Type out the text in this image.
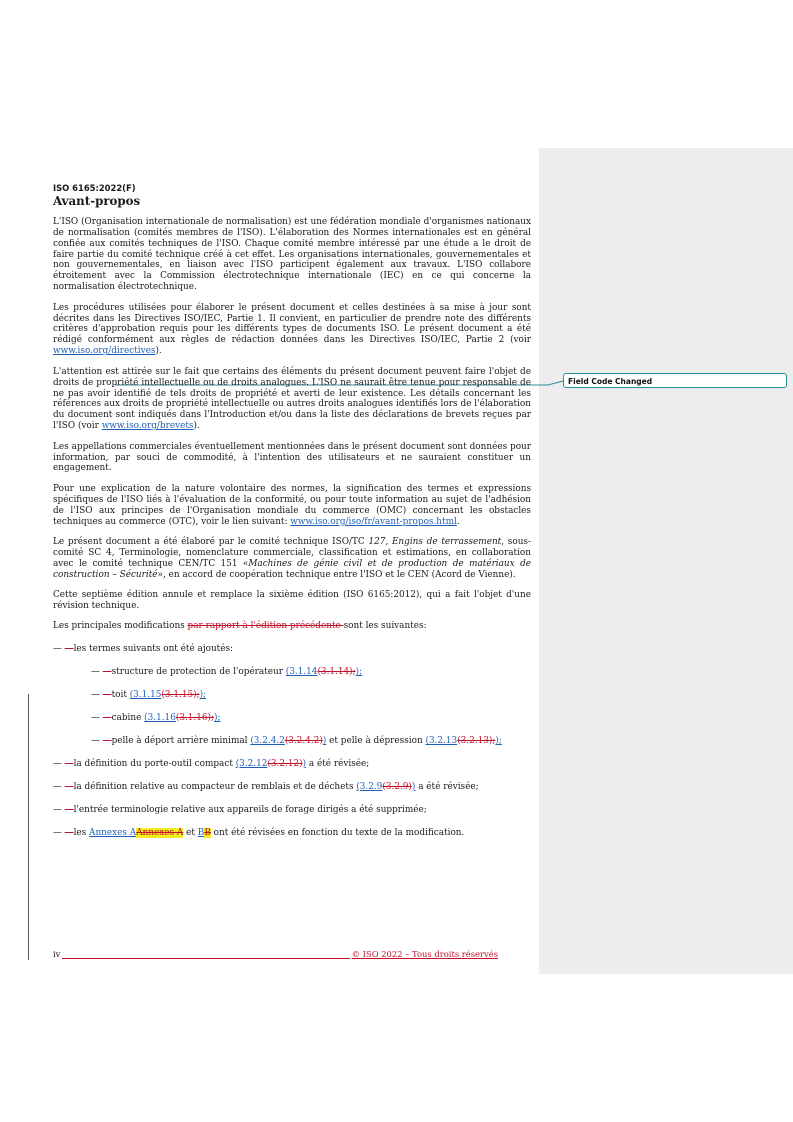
Field Code Changed
ISO 6165:2022(F)
Avant-propos

L'ISO (Organisation internationale de normalisation) est une fédération mondiale d'organismes nationaux de normalisation (comités membres de l'ISO). L'élaboration des Normes internationales est en général confiée aux comités techniques de l'ISO. Chaque comité membre intéressé par une étude a le droit de faire partie du comité technique créé à cet effet. Les organisations internationales, gouvernementales et non gouvernementales, en liaison avec l'ISO participent également aux travaux. L'ISO collabore étroitement avec la Commission électrotechnique internationale (IEC) en ce qui concerne la normalisation électrotechnique.

Les procédures utilisées pour élaborer le présent document et celles destinées à sa mise à jour sont décrites dans les Directives ISO/IEC, Partie 1. Il convient, en particulier de prendre note des différents critères d'approbation requis pour les différents types de documents ISO. Le présent document a été rédigé conformément aux règles de rédaction données dans les Directives ISO/IEC, Partie 2 (voir www.iso.org/directives).

L'attention est attirée sur le fait que certains des éléments du présent document peuvent faire l'objet de droits de propriété intellectuelle ou de droits analogues. L'ISO ne saurait être tenue pour responsable de ne pas avoir identifié de tels droits de propriété et averti de leur existence. Les détails concernant les références aux droits de propriété intellectuelle ou autres droits analogues identifiés lors de l'élaboration du document sont indiqués dans l'Introduction et/ou dans la liste des déclarations de brevets reçues par l'ISO (voir www.iso.org/brevets).

Les appellations commerciales éventuellement mentionnées dans le présent document sont données pour information, par souci de commodité, à l'intention des utilisateurs et ne sauraient constituer un engagement.

Pour une explication de la nature volontaire des normes, la signification des termes et expressions spécifiques de l'ISO liés à l'évaluation de la conformité, ou pour toute information au sujet de l'adhésion de l'ISO aux principes de l'Organisation mondiale du commerce (OMC) concernant les obstacles techniques au commerce (OTC), voir le lien suivant: www.iso.org/iso/fr/avant-propos.html.

Le présent document a été élaboré par le comité technique ISO/TC 127, Engins de terrassement, sous-comité SC 4, Terminologie, nomenclature commerciale, classification et estimations, en collaboration avec le comité technique CEN/TC 151 «Machines de génie civil et de production de matériaux de construction – Sécurité», en accord de coopération technique entre l'ISO et le CEN (Acord de Vienne).

Cette septième édition annule et remplace la sixième édition (ISO 6165:2012), qui a fait l'objet d'une révision technique.

Les principales modifications par rapport à l'édition précédente sont les suivantes:

— —les termes suivants ont été ajoutés:
— —structure de protection de l'opérateur (3.1.14(3.1.14););
— —toit (3.1.15(3.1.15););
— —cabine (3.1.16(3.1.16););
— —pelle à déport arrière minimal (3.2.4.2(3.2.4.2)) et pelle à dépression (3.2.13(3.2.13););
— —la définition du porte-outil compact (3.2.12(3.2.12)) a été révisée;
— —la définition relative au compacteur de remblais et de déchets (3.2.9(3.2.9)) a été révisée;
— —l'entrée terminologie relative aux appareils de forage dirigés a été supprimée;
— —les Annexes AAnnexes A et BB ont été révisées en fonction du texte de la modification.
iv	© ISO 2022 – Tous droits réservés
